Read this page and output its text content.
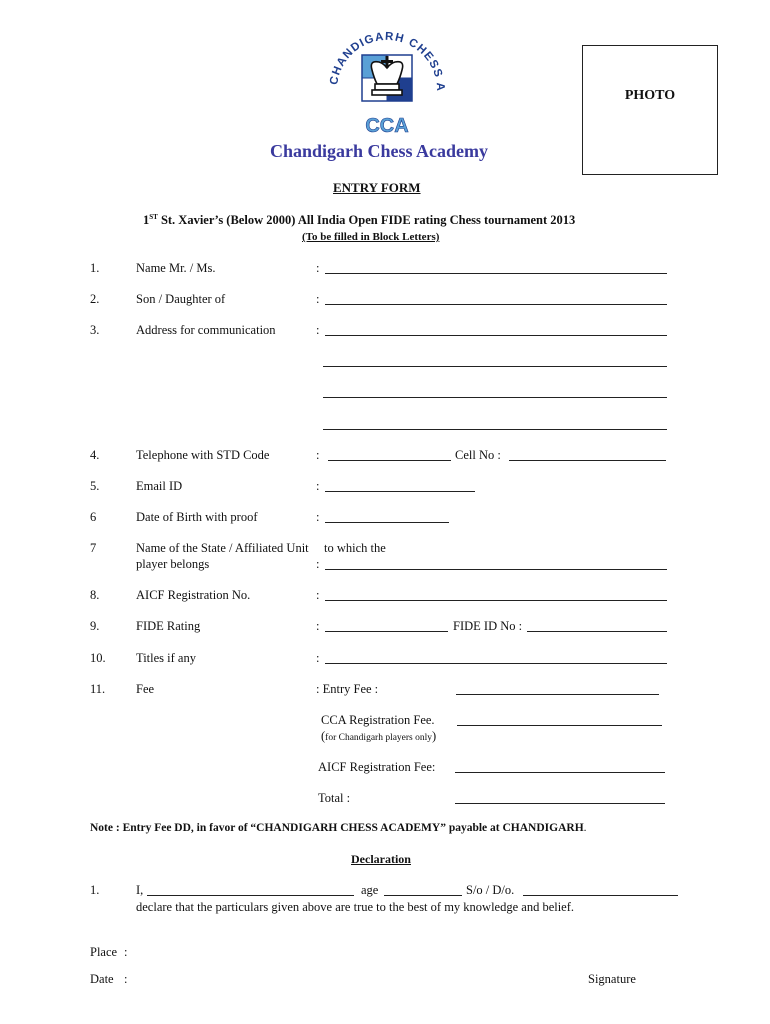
CHANDIGARH CHESS A
CCA
Chandigarh Chess Academy
PHOTO
ENTRY FORM
1ST St. Xavier’s (Below 2000) All India Open FIDE rating Chess tournament 2013
(To be filled in Block Letters)
1.	Name Mr. / Ms.	:
2.	Son / Daughter of	:
3.	Address for communication	:
4.	Telephone with STD Code	:	Cell No :
5.	Email ID	:
6	Date of Birth with proof	:
7	Name of the State / Affiliated Unit to which the
player belongs	:
8.	AICF Registration No.	:
9.	FIDE Rating	:	FIDE ID No :
10. Titles if any	:
11. Fee	: Entry Fee :
CCA Registration Fee.
(for Chandigarh players only)
AICF Registration Fee:
Total :
Note : Entry Fee DD, in favor of “CHANDIGARH CHESS ACADEMY” payable at CHANDIGARH.
Declaration
1.	I,	age	S/o / D/o.
declare that the particulars given above are true to the best of my knowledge and belief.
Place :
Date :	Signature
